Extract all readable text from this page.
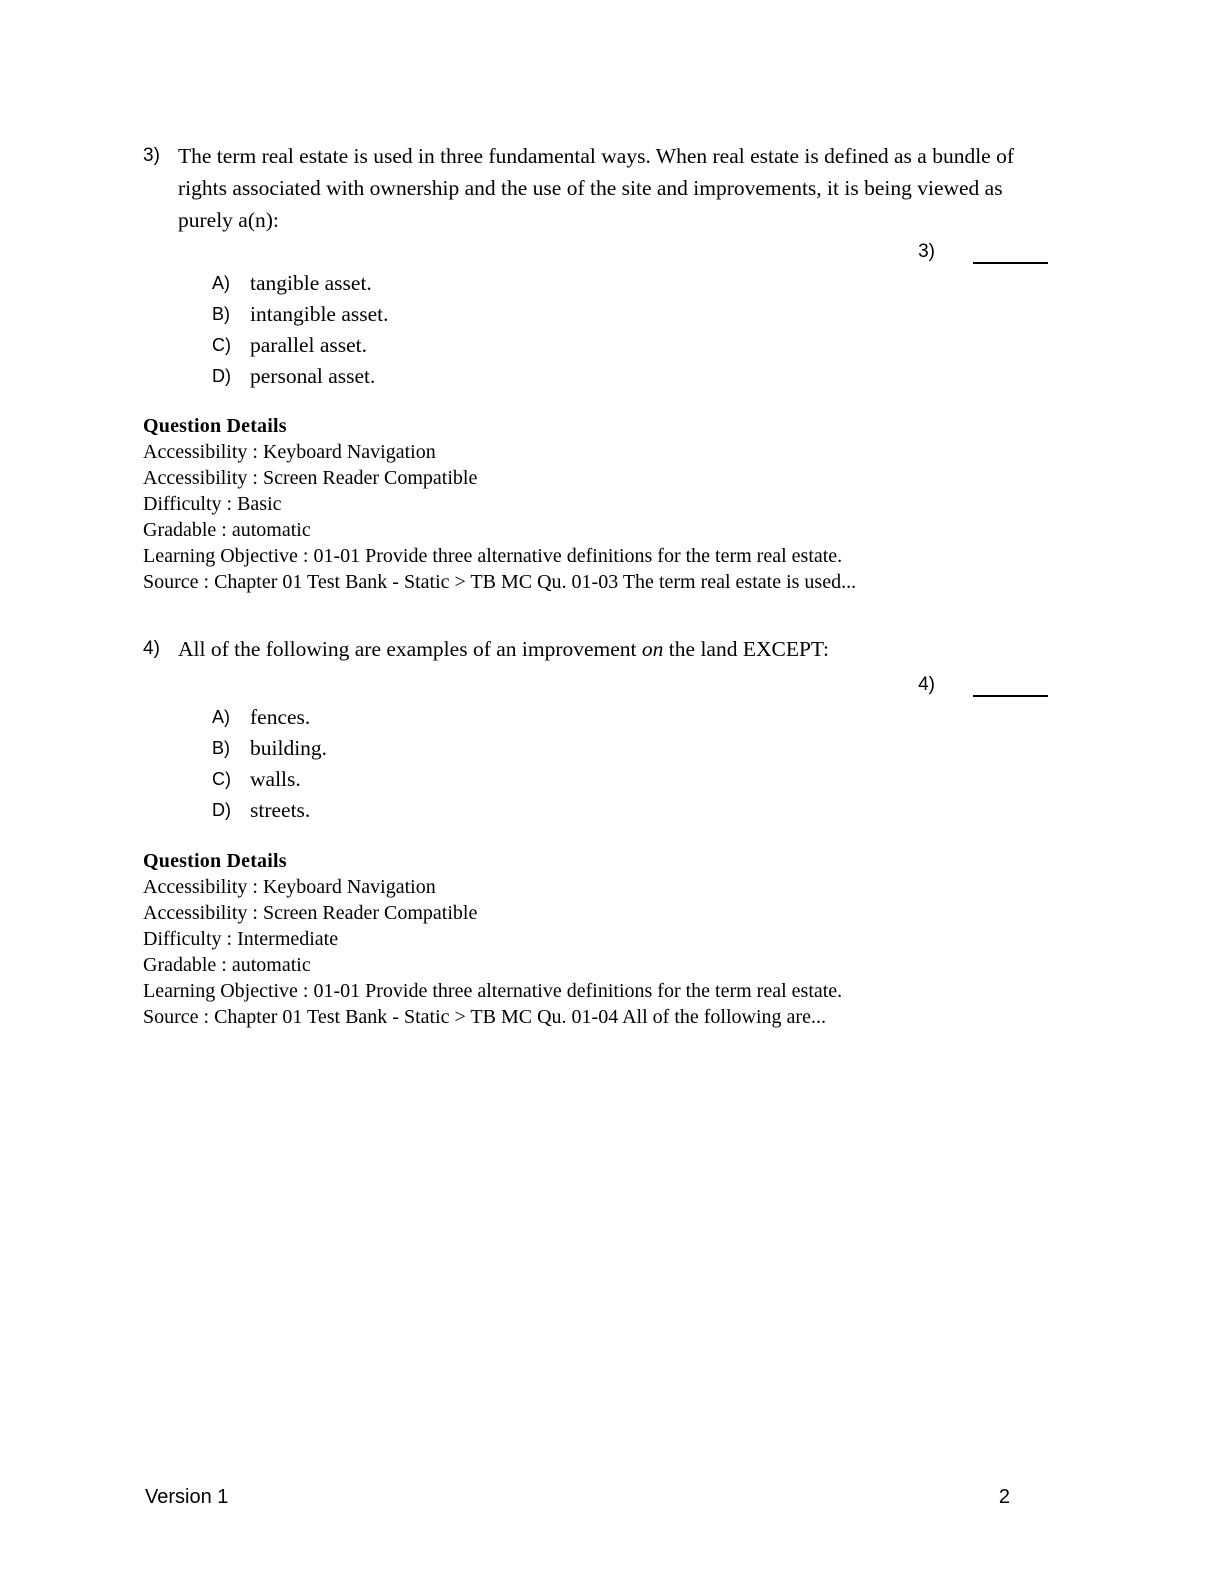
3) The term real estate is used in three fundamental ways. When real estate is defined as a bundle of rights associated with ownership and the use of the site and improvements, it is being viewed as purely a(n):

3)
A) tangible asset.
B) intangible asset.
C) parallel asset.
D) personal asset.
Question Details
Accessibility : Keyboard Navigation
Accessibility : Screen Reader Compatible
Difficulty : Basic
Gradable : automatic
Learning Objective : 01-01 Provide three alternative definitions for the term real estate.
Source : Chapter 01 Test Bank - Static > TB MC Qu. 01-03 The term real estate is used...
4) All of the following are examples of an improvement on the land EXCEPT:

4)
A) fences.
B) building.
C) walls.
D) streets.
Question Details
Accessibility : Keyboard Navigation
Accessibility : Screen Reader Compatible
Difficulty : Intermediate
Gradable : automatic
Learning Objective : 01-01 Provide three alternative definitions for the term real estate.
Source : Chapter 01 Test Bank - Static > TB MC Qu. 01-04 All of the following are...
Version 1	2
